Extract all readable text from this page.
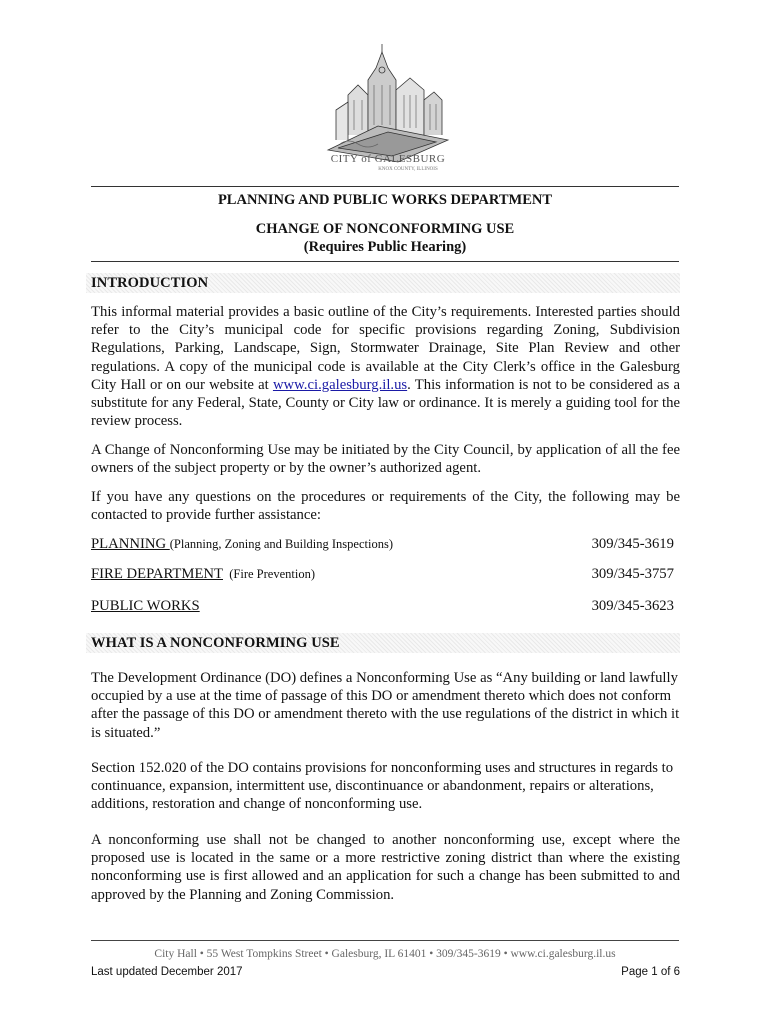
CITY of GALESBURG
KNOX COUNTY, ILLINOIS
PLANNING AND PUBLIC WORKS DEPARTMENT
CHANGE OF NONCONFORMING USE
(Requires Public Hearing)
INTRODUCTION
This informal material provides a basic outline of the City’s requirements. Interested parties should refer to the City’s municipal code for specific provisions regarding Zoning, Subdivision Regulations, Parking, Landscape, Sign, Stormwater Drainage, Site Plan Review and other regulations. A copy of the municipal code is available at the City Clerk’s office in the Galesburg City Hall or on our website at www.ci.galesburg.il.us. This information is not to be considered as a substitute for any Federal, State, County or City law or ordinance. It is merely a guiding tool for the review process.
A Change of Nonconforming Use may be initiated by the City Council, by application of all the fee owners of the subject property or by the owner’s authorized agent.
If you have any questions on the procedures or requirements of the City, the following may be contacted to provide further assistance:
PLANNING (Planning, Zoning and Building Inspections)	309/345-3619
FIRE DEPARTMENT  (Fire Prevention)	309/345-3757
PUBLIC WORKS	309/345-3623
WHAT IS A NONCONFORMING USE
The Development Ordinance (DO) defines a Nonconforming Use as “Any building or land lawfully occupied by a use at the time of passage of this DO or amendment thereto which does not conform after the passage of this DO or amendment thereto with the use regulations of the district in which it is situated.”
Section 152.020 of the DO contains provisions for nonconforming uses and structures in regards to continuance, expansion, intermittent use, discontinuance or abandonment, repairs or alterations, additions, restoration and change of nonconforming use.
A nonconforming use shall not be changed to another nonconforming use, except where the proposed use is located in the same or a more restrictive zoning district than where the existing nonconforming use is first allowed and an application for such a change has been submitted to and approved by the Planning and Zoning Commission.
City Hall • 55 West Tompkins Street • Galesburg, IL 61401 • 309/345-3619 • www.ci.galesburg.il.us
Last updated December 2017	Page 1 of 6
